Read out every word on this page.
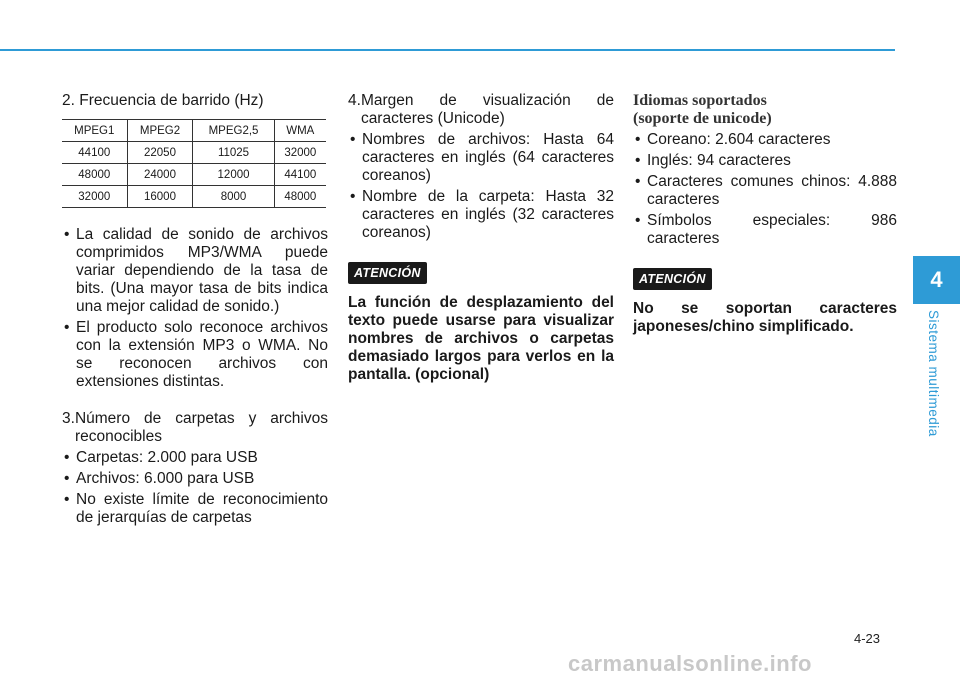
2. Frecuencia de barrido (Hz)

MPEG1	MPEG2	MPEG2,5	WMA
44100	22050	11025	32000
48000	24000	12000	44100
32000	16000	8000	48000
• La calidad de sonido de archivos comprimidos MP3/WMA puede variar dependiendo de la tasa de bits. (Una mayor tasa de bits indica una mejor calidad de sonido.)
• El producto solo reconoce archivos con la extensión MP3 o WMA. No se reconocen archivos con extensiones distintas.
3. Número de carpetas y archivos reconocibles
• Carpetas: 2.000 para USB
• Archivos: 6.000 para USB
• No existe límite de reconocimiento de jerarquías de carpetas
4. Margen de visualización de caracteres (Unicode)
• Nombres de archivos: Hasta 64 caracteres en inglés (64 caracteres coreanos)
• Nombre de la carpeta: Hasta 32 caracteres en inglés (32 caracteres coreanos)
ATENCIÓN

La función de desplazamiento del texto puede usarse para visualizar nombres de archivos o carpetas demasiado largos para verlos en la pantalla. (opcional)

Idiomas soportados

(soporte de unicode)

• Coreano: 2.604 caracteres
• Inglés: 94 caracteres
• Caracteres comunes chinos: 4.888 caracteres
• Símbolos especiales: 986 caracteres
ATENCIÓN

No se soportan caracteres japoneses/chino simplificado.

4
Sistema multimedia
4-23
carmanualsonline.info
